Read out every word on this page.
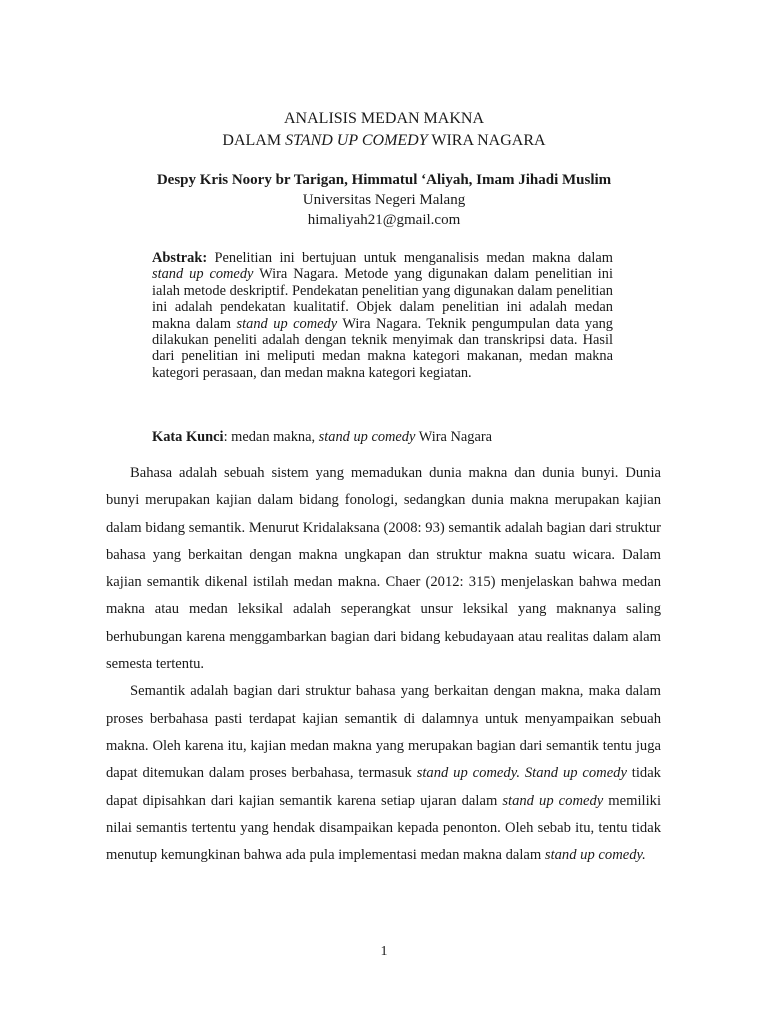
ANALISIS MEDAN MAKNA
DALAM STAND UP COMEDY WIRA NAGARA
Despy Kris Noory br Tarigan, Himmatul ‘Aliyah, Imam Jihadi Muslim
Universitas Negeri Malang
himaliyah21@gmail.com
Abstrak: Penelitian ini bertujuan untuk menganalisis medan makna dalam stand up comedy Wira Nagara. Metode yang digunakan dalam penelitian ini ialah metode deskriptif. Pendekatan penelitian yang digunakan dalam penelitian ini adalah pendekatan kualitatif. Objek dalam penelitian ini adalah medan makna dalam stand up comedy Wira Nagara. Teknik pengumpulan data yang dilakukan peneliti adalah dengan teknik menyimak dan transkripsi data. Hasil dari penelitian ini meliputi medan makna kategori makanan, medan makna kategori perasaan, dan medan makna kategori kegiatan.
Kata Kunci: medan makna, stand up comedy Wira Nagara

Bahasa adalah sebuah sistem yang memadukan dunia makna dan dunia bunyi. Dunia bunyi merupakan kajian dalam bidang fonologi, sedangkan dunia makna merupakan kajian dalam bidang semantik. Menurut Kridalaksana (2008: 93) semantik adalah bagian dari struktur bahasa yang berkaitan dengan makna ungkapan dan struktur makna suatu wicara. Dalam kajian semantik dikenal istilah medan makna. Chaer (2012: 315) menjelaskan bahwa medan makna atau medan leksikal adalah seperangkat unsur leksikal yang maknanya saling berhubungan karena menggambarkan bagian dari bidang kebudayaan atau realitas dalam alam semesta tertentu.

Semantik adalah bagian dari struktur bahasa yang berkaitan dengan makna, maka dalam proses berbahasa pasti terdapat kajian semantik di dalamnya untuk menyampaikan sebuah makna. Oleh karena itu, kajian medan makna yang merupakan bagian dari semantik tentu juga dapat ditemukan dalam proses berbahasa, termasuk stand up comedy. Stand up comedy tidak dapat dipisahkan dari kajian semantik karena setiap ujaran dalam stand up comedy memiliki nilai semantis tertentu yang hendak disampaikan kepada penonton. Oleh sebab itu, tentu tidak menutup kemungkinan bahwa ada pula implementasi medan makna dalam stand up comedy.

1
